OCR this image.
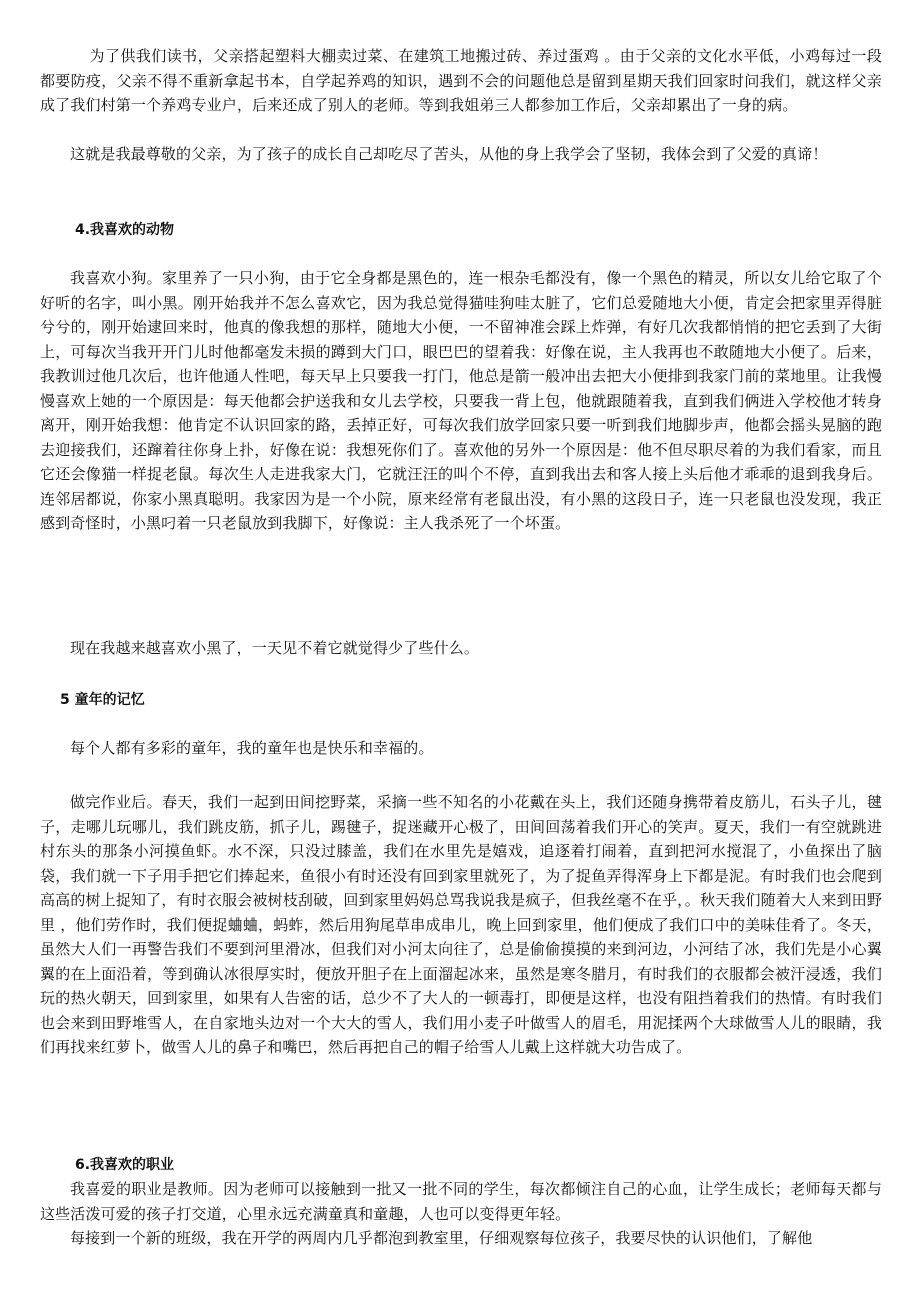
为了供我们读书，父亲搭起塑料大棚卖过菜、在建筑工地搬过砖、养过蛋鸡 。由于父亲的文化水平低，小鸡每过一段都要防疫，父亲不得不重新拿起书本，自学起养鸡的知识，遇到不会的问题他总是留到星期天我们回家时问我们，就这样父亲成了我们村第一个养鸡专业户，后来还成了别人的老师。等到我姐弟三人都参加工作后，父亲却累出了一身的病。

这就是我最尊敬的父亲，为了孩子的成长自己却吃尽了苦头，从他的身上我学会了坚韧，我体会到了父爱的真谛！

4.我喜欢的动物

我喜欢小狗。家里养了一只小狗，由于它全身都是黑色的，连一根杂毛都没有，像一个黑色的精灵，所以女儿给它取了个好听的名字，叫小黑。刚开始我并不怎么喜欢它，因为我总觉得猫哇狗哇太脏了，它们总爱随地大小便，肯定会把家里弄得脏兮兮的，刚开始逮回来时，他真的像我想的那样，随地大小便，一不留神准会踩上炸弹，有好几次我都悄悄的把它丢到了大街上，可每次当我开开门儿时他都毫发未损的蹲到大门口，眼巴巴的望着我：好像在说，主人我再也不敢随地大小便了。后来，我教训过他几次后，也许他通人性吧，每天早上只要我一打门，他总是箭一般冲出去把大小便排到我家门前的菜地里。让我慢慢喜欢上她的一个原因是：每天他都会护送我和女儿去学校，只要我一背上包，他就跟随着我，直到我们俩进入学校他才转身离开，刚开始我想：他肯定不认识回家的路，丢掉正好，可每次我们放学回家只要一听到我们地脚步声，他都会摇头晃脑的跑去迎接我们，还蹿着往你身上扑，好像在说：我想死你们了。喜欢他的另外一个原因是：他不但尽职尽着的为我们看家，而且它还会像猫一样捉老鼠。每次生人走进我家大门，它就汪汪的叫个不停，直到我出去和客人接上头后他才乖乖的退到我身后。连邻居都说，你家小黑真聪明。我家因为是一个小院，原来经常有老鼠出没，有小黑的这段日子，连一只老鼠也没发现，我正感到奇怪时，小黑叼着一只老鼠放到我脚下，好像说：主人我杀死了一个坏蛋。

现在我越来越喜欢小黑了，一天见不着它就觉得少了些什么。

5 童年的记忆

每个人都有多彩的童年，我的童年也是快乐和幸福的。

做完作业后。春天，我们一起到田间挖野菜，采摘一些不知名的小花戴在头上，我们还随身携带着皮筋儿，石头子儿，毽子，走哪儿玩哪儿，我们跳皮筋，抓子儿，踢毽子，捉迷藏开心极了，田间回荡着我们开心的笑声。夏天，我们一有空就跳进村东头的那条小河摸鱼虾。水不深，只没过膝盖，我们在水里先是嬉戏，追逐着打闹着，直到把河水搅混了，小鱼探出了脑袋，我们就一下子用手把它们捧起来，鱼很小有时还没有回到家里就死了，为了捉鱼弄得浑身上下都是泥。有时我们也会爬到高高的树上捉知了，有时衣服会被树枝刮破，回到家里妈妈总骂我说我是疯子，但我丝毫不在乎，。秋天我们随着大人来到田野里 ，他们劳作时，我们便捉蛐蛐，蚂蚱，然后用狗尾草串成串儿，晚上回到家里，他们便成了我们口中的美味佳肴了。冬天，虽然大人们一再警告我们不要到河里滑冰，但我们对小河太向往了，总是偷偷摸摸的来到河边，小河结了冰，我们先是小心翼翼的在上面沿着，等到确认冰很厚实时，便放开胆子在上面溜起冰来，虽然是寒冬腊月，有时我们的衣服都会被汗浸透，我们玩的热火朝天，回到家里，如果有人告密的话，总少不了大人的一顿毒打，即便是这样，也没有阻挡着我们的热情。有时我们也会来到田野堆雪人，在自家地头边对一个大大的雪人，我们用小麦子叶做雪人的眉毛，用泥揉两个大球做雪人儿的眼睛，我们再找来红萝卜，做雪人儿的鼻子和嘴巴，然后再把自己的帽子给雪人儿戴上这样就大功告成了。

6.我喜欢的职业

我喜爱的职业是教师。因为老师可以接触到一批又一批不同的学生，每次都倾注自己的心血，让学生成长；老师每天都与这些活泼可爱的孩子打交道，心里永远充满童真和童趣，人也可以变得更年轻。

每接到一个新的班级，我在开学的两周内几乎都泡到教室里，仔细观察每位孩子，我要尽快的认识他们，了解他
